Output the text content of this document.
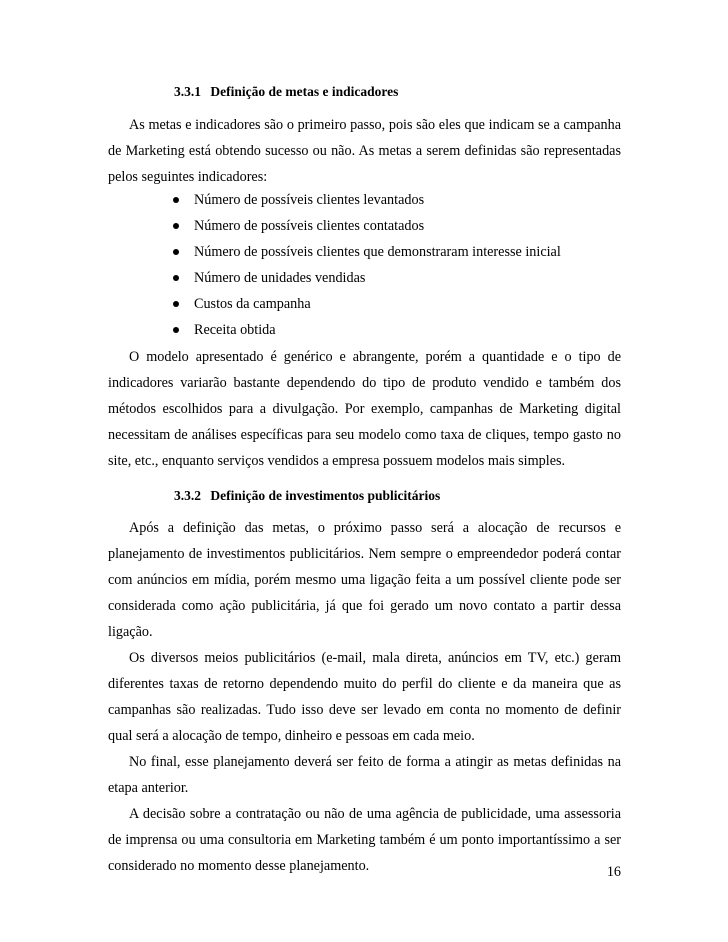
3.3.1 Definição de metas e indicadores

As metas e indicadores são o primeiro passo, pois são eles que indicam se a campanha de Marketing está obtendo sucesso ou não. As metas a serem definidas são representadas pelos seguintes indicadores:

Número de possíveis clientes levantados
Número de possíveis clientes contatados
Número de possíveis clientes que demonstraram interesse inicial
Número de unidades vendidas
Custos da campanha
Receita obtida

O modelo apresentado é genérico e abrangente, porém a quantidade e o tipo de indicadores variarão bastante dependendo do tipo de produto vendido e também dos métodos escolhidos para a divulgação. Por exemplo, campanhas de Marketing digital necessitam de análises específicas para seu modelo como taxa de cliques, tempo gasto no site, etc., enquanto serviços vendidos a empresa possuem modelos mais simples.

3.3.2 Definição de investimentos publicitários

Após a definição das metas, o próximo passo será a alocação de recursos e planejamento de investimentos publicitários. Nem sempre o empreendedor poderá contar com anúncios em mídia, porém mesmo uma ligação feita a um possível cliente pode ser considerada como ação publicitária, já que foi gerado um novo contato a partir dessa ligação.

Os diversos meios publicitários (e-mail, mala direta, anúncios em TV, etc.) geram diferentes taxas de retorno dependendo muito do perfil do cliente e da maneira que as campanhas são realizadas. Tudo isso deve ser levado em conta no momento de definir qual será a alocação de tempo, dinheiro e pessoas em cada meio.

No final, esse planejamento deverá ser feito de forma a atingir as metas definidas na etapa anterior.

A decisão sobre a contratação ou não de uma agência de publicidade, uma assessoria de imprensa ou uma consultoria em Marketing também é um ponto importantíssimo a ser considerado no momento desse planejamento.	16
